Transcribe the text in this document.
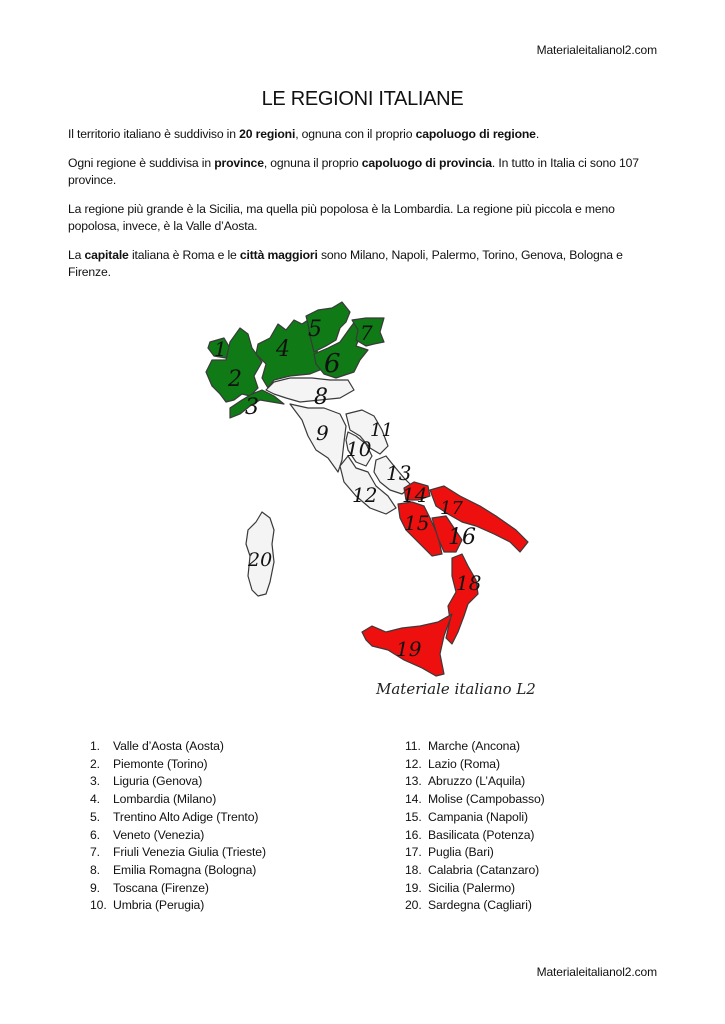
Materialeitalianol2.com
LE REGIONI ITALIANE

Il territorio italiano è suddiviso in 20 regioni, ognuna con il proprio capoluogo di regione.

Ogni regione è suddivisa in province, ognuna il proprio capoluogo di provincia. In tutto in Italia ci sono 107 province.

La regione più grande è la Sicilia, ma quella più popolosa è la Lombardia. La regione più piccola e meno popolosa, invece, è la Valle d’Aosta.

La capitale italiana è Roma e le città maggiori sono Milano, Napoli, Palermo, Torino, Genova, Bologna e Firenze.

1
2
3
4
5
6
7
8
9
10
11
12
13
14
15
16
17
18
19
20
Materiale italiano L2
1.	Valle d’Aosta (Aosta)
2.	Piemonte (Torino)
3.	Liguria (Genova)
4.	Lombardia (Milano)
5.	Trentino Alto Adige (Trento)
6.	Veneto (Venezia)
7.	Friuli Venezia Giulia (Trieste)
8.	Emilia Romagna (Bologna)
9.	Toscana (Firenze)
10. Umbria (Perugia)
11. Marche (Ancona)
12. Lazio (Roma)
13. Abruzzo (L’Aquila)
14. Molise (Campobasso)
15. Campania (Napoli)
16. Basilicata (Potenza)
17. Puglia (Bari)
18. Calabria (Catanzaro)
19. Sicilia (Palermo)
20. Sardegna (Cagliari)
Materialeitalianol2.com
